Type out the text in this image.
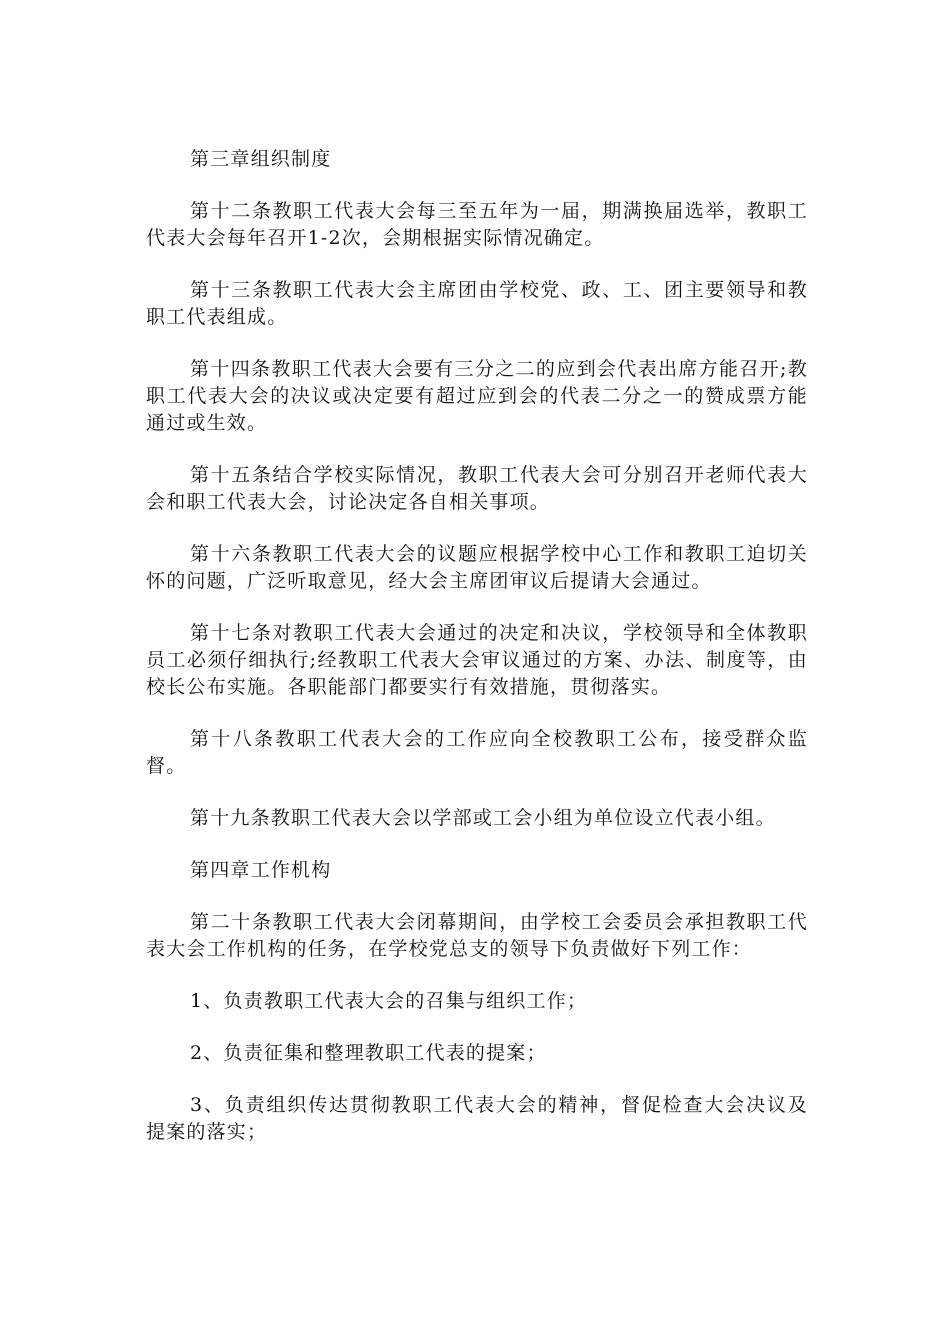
第三章组织制度

第十二条教职工代表大会每三至五年为一届，期满换届选举，教职工代表大会每年召开1-2次，会期根据实际情况确定。

第十三条教职工代表大会主席团由学校党、政、工、团主要领导和教职工代表组成。

第十四条教职工代表大会要有三分之二的应到会代表出席方能召开;教职工代表大会的决议或决定要有超过应到会的代表二分之一的赞成票方能通过或生效。

第十五条结合学校实际情况，教职工代表大会可分别召开老师代表大会和职工代表大会，讨论决定各自相关事项。

第十六条教职工代表大会的议题应根据学校中心工作和教职工迫切关怀的问题，广泛听取意见，经大会主席团审议后提请大会通过。

第十七条对教职工代表大会通过的决定和决议，学校领导和全体教职员工必须仔细执行;经教职工代表大会审议通过的方案、办法、制度等，由校长公布实施。各职能部门都要实行有效措施，贯彻落实。

第十八条教职工代表大会的工作应向全校教职工公布，接受群众监督。

第十九条教职工代表大会以学部或工会小组为单位设立代表小组。

第四章工作机构

第二十条教职工代表大会闭幕期间，由学校工会委员会承担教职工代表大会工作机构的任务，在学校党总支的领导下负责做好下列工作：

1、负责教职工代表大会的召集与组织工作；

2、负责征集和整理教职工代表的提案；

3、负责组织传达贯彻教职工代表大会的精神，督促检查大会决议及提案的落实；
